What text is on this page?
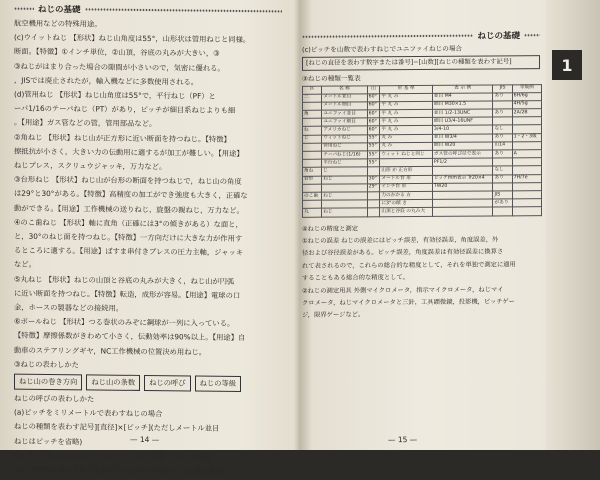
ねじの基礎
航空機用などの特殊用途。
(c)ウイットねじ 【形状】ねじ山角度は55°，山形状は管用ねじと同様。
断面。【特徴】①インチ単位，②山頂，谷底の丸みが大きい，③
③ねじがはまり合った場合の隙間が小さいので，気密に優れる。
，JISでは廃止されたが，輸入機などに多数使用される。
(d)管用ねじ 【形状】ねじ山角度は55°で，平行ねじ（PF）と
ーパ1/16のテーパねじ（PT）があり，ピッチが細目系ねじよりも細
。【用途】ガス管などの管，管用部品など。
②角ねじ 【形状】ねじ山が正方形に近い断面を持つねじ。【特徴】
擦抵抗が小さく，大きい力の伝動用に適するが加工が難しい。【用途】
ねじプレス，スクリュウジャッキ，万力など。
③台形ねじ 【形状】ねじ山が台形の断面を持つねじで，ねじ山の角度
は29°と30°がある。【特徴】高精度の加工ができ強度も大きく，正確な
動ができる。【用途】工作機械の送りねじ，旋盤の親ねじ，万力など。
④のこ歯ねじ 【形状】軸に直角（正確には3°の傾きがある）な面と，
と，30°のねじ面を持つねじ。【特徴】一方向だけに大きな力が作用す
るところに適する。【用途】ばすま串付きプレスの圧力主軸，ジャッキ
など。
⑤丸ねじ 【形状】ねじの山頂と谷底の丸みが大きく，ねじ山が円弧
に近い断面を持つねじ。【特徴】転造，成形が容易。【用途】電球の口
金，ホースの製器などの接続用。
⑥ボールねじ 【形状】つる巻状のみぞに鋼球が一列に入っている。
【特徴】摩擦係数がきわめて小さく，伝動効率は90%以上。【用途】自
動車のステアリングギヤ，NC工作機械の位置決め用ねじ。
③ねじの表わしかた
ねじ山の巻き方向	ねじ山の条数	ねじの呼び	ねじの等級
ねじの呼びの表わしかた
(a)ピッチをミリメートルで表わすねじの場合
ねじの種類を表わす記号][直径]×[ピッチ](ただしメートル並目
ねじはピッチを省略)
(b)ピッチを山数で表わす(ユニファイねじを除く)ねじの場合
ねじの種類を表わす記号][直径][山[山数](管用ねじは山数を省略
— 14 —
ねじの基礎
(c)ピッチを山数で表わすねじでユニファイねじの場合
[ねじの直径を表わす数字または番号]−[山数][ねじの種類を表わす記号]
③ねじの種類一覧表
区	名 称	山	形 基 準	表 示 例	JIS	等級例
三	メートル並目	60°	平 丸 み	並目 M4	あり	6H/6g
	メートル細目	60°	平 丸 み	細目 M30×1.5		4H/5g
角	ユニファイ並目	60°	平 丸 み	並目 1/2-13UNC	あり	2A/2B
	ユニファイ細目	60°	平 丸 み	細目 U3/4-16UNF		
ね	アメリカねじ	60°	平 丸 み	3/4-10	なし	
じ	ウィットねじ	55°	丸 み	並目 W3/4	あり	1・2・3級
	管用ねじ	55°	丸 み	細目 W20	山14	
	テーパねじ(1/16)	55°	ウィット ねじと同じ	ガス管の呼び径で表示	あり	A
	平行ねじ	55°		PF1/2		
角ね	じ		山形 が 正方形		なし	
台形	ねじ	30°	メートル台 形	ピッチmm表示 Tr20×4	あり	7H/7e
		29°	インチ台 形	TW20		
のこ歯	ねじ		力のかかる 方		JIS	
			に3°の傾 き		があり	
丸	ねじ		山頂と谷底 の丸み大			
④ねじの精度と測定
①ねじの誤差 ねじの誤差にはピッチ誤差，有効径誤差，角度誤差，外
径および谷径誤差がある。ピッチ誤差，角度誤差は有効径誤差に換算さ
れて表されるので，これらの総合的な精度として，それを単独で測定に適用
することもある総合的な精度として。
②ねじの測定用具 外側マイクロメータ，指示マイクロメータ，ねじマイ
クロメータ，ねじマイクロメータと三針，工具顕微鏡，投影機，ピッチゲー
ジ，限界ゲージなど。
— 15 —
1
